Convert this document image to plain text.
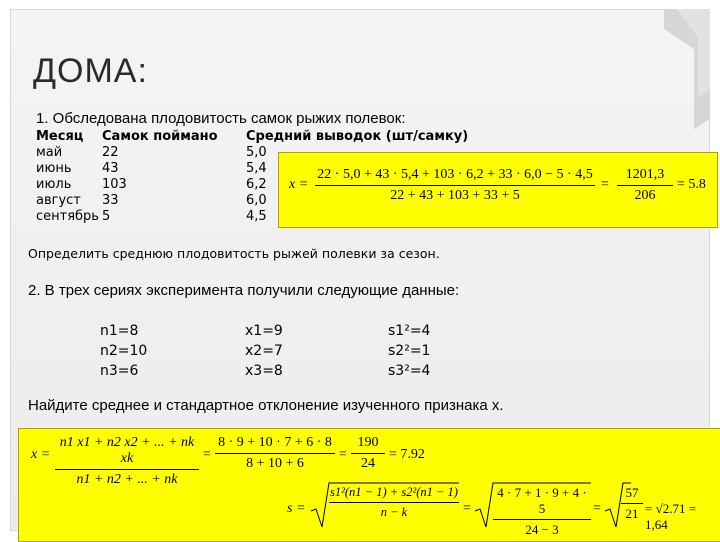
ДОМА:
1. Обследована плодовитость самок рыжих полевок:
Месяц
май
июнь
июль
август
сентябрь
Самок поймано
22
43
103
33
5
Средний выводок (шт/самку)
5,0
5,4
6,2
6,0
4,5
x =
22 · 5,0 + 43 · 5,4 + 103 · 6,2 + 33 · 6,0 − 5 · 4,5
22 + 43 + 103 + 33 + 5
=
1201,3
206
= 5.8
Определить среднюю плодовитость рыжей полевки за сезон.
2. В трех сериях эксперимента получили следующие данные:
n1=8
n2=10
n3=6
x1=9
x2=7
x3=8
s1²=4
s2²=1
s3²=4
Найдите среднее и стандартное отклонение изученного признака x.
x =
n1 x1 + n2 x2 + ... + nk xk
n1 + n2 + ... + nk
=
8 · 9 + 10 · 7 + 6 · 8
8 + 10 + 6
=
190
24
= 7.92
s =
s1²(n1 − 1) + s2²(n1 − 1)
n − k	=
4 · 7 + 1 · 9 + 4 · 5
24 − 3
=
57
21 = √2.71 = 1,64
